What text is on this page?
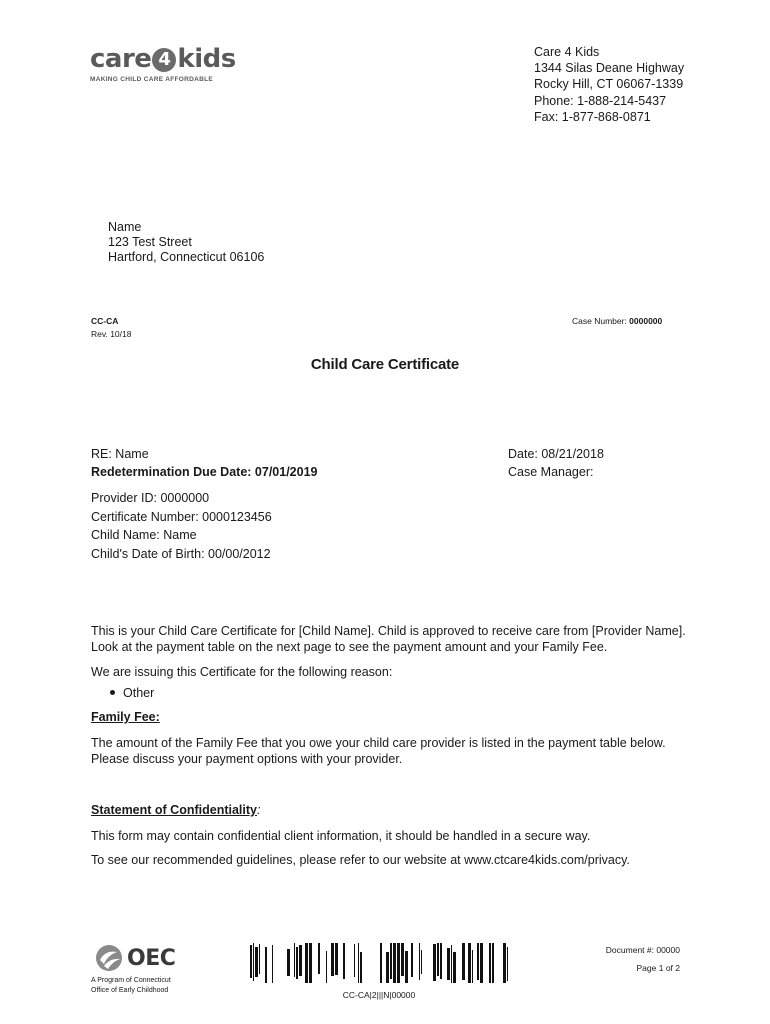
care 4 kids
MAKING CHILD CARE AFFORDABLE
Care 4 Kids
1344 Silas Deane Highway
Rocky Hill, CT 06067-1339
Phone: 1-888-214-5437
Fax: 1-877-868-0871
Name
123 Test Street
Hartford, Connecticut 06106
CC-CA
Rev. 10/18
Case Number: 0000000
Child Care Certificate
RE: Name
Redetermination Due Date: 07/01/2019
Date: 08/21/2018
Case Manager:
Provider ID: 0000000
Certificate Number: 0000123456
Child Name: Name
Child's Date of Birth: 00/00/2012
This is your Child Care Certificate for [Child Name]. Child is approved to receive care from [Provider Name]. Look at the payment table on the next page to see the payment amount and your Family Fee.
We are issuing this Certificate for the following reason:
Other
Family Fee:
The amount of the Family Fee that you owe your child care provider is listed in the payment table below. Please discuss your payment options with your provider.
Statement of Confidentiality:
This form may contain confidential client information, it should be handled in a secure way.
To see our recommended guidelines, please refer to our website at www.ctcare4kids.com/privacy.
OEC
A Program of Connecticut
Office of Early Childhood	CC-CA|2|||N|00000
Document #: 00000
Page 1 of 2
